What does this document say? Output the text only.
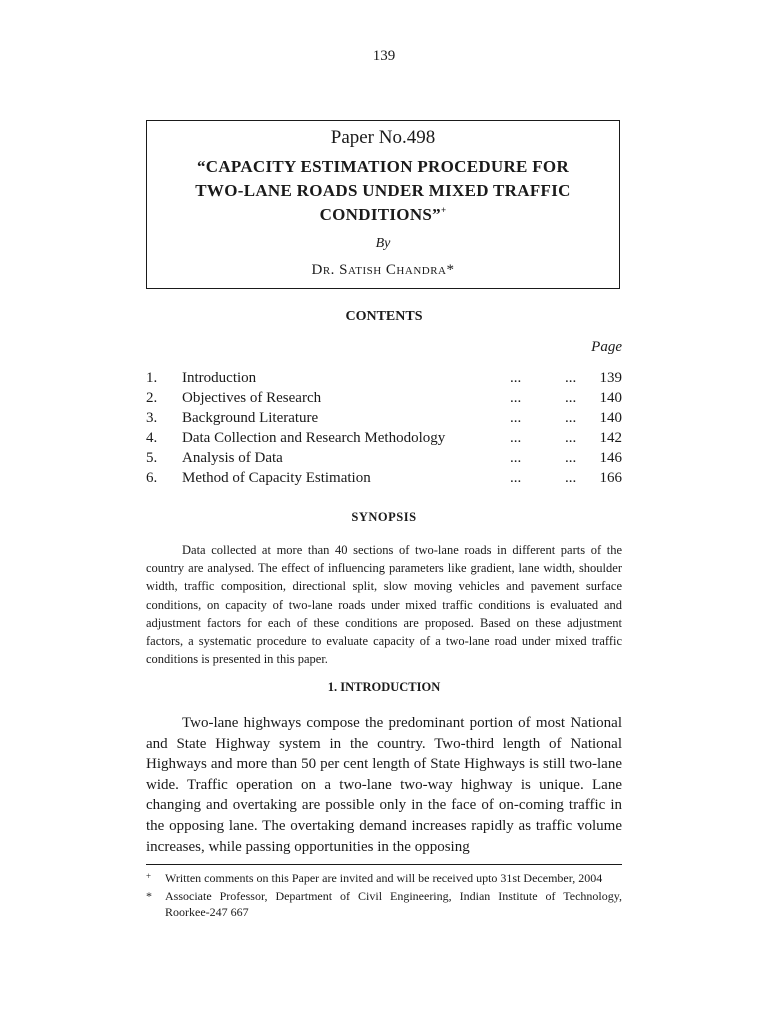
139
Paper No.498
“CAPACITY ESTIMATION PROCEDURE FOR
TWO-LANE ROADS UNDER MIXED TRAFFIC
CONDITIONS”+
By
Dr. Satish Chandra*
CONTENTS
Page
1. Introduction	...	... 139
2. Objectives of Research	...	... 140
3. Background Literature	...	... 140
4. Data Collection and Research Methodology	...	... 142
5. Analysis of Data	...	... 146
6. Method of Capacity Estimation	...	... 166
SYNOPSIS

Data collected at more than 40 sections of two-lane roads in different parts of the country are analysed. The effect of influencing parameters like gradient, lane width, shoulder width, traffic composition, directional split, slow moving vehicles and pavement surface conditions, on capacity of two-lane roads under mixed traffic conditions is evaluated and adjustment factors for each of these conditions are proposed. Based on these adjustment factors, a systematic procedure to evaluate capacity of a two-lane road under mixed traffic conditions is presented in this paper.

1. INTRODUCTION

Two-lane highways compose the predominant portion of most National and State Highway system in the country. Two-third length of National Highways and more than 50 per cent length of State Highways is still two-lane wide. Traffic operation on a two-lane two-way highway is unique. Lane changing and overtaking are possible only in the face of on-coming traffic in the opposing lane. The overtaking demand increases rapidly as traffic volume increases, while passing opportunities in the opposing

+ Written comments on this Paper are invited and will be received upto 31st December, 2004
* Associate Professor, Department of Civil Engineering, Indian Institute of Technology, Roorkee-247 667
